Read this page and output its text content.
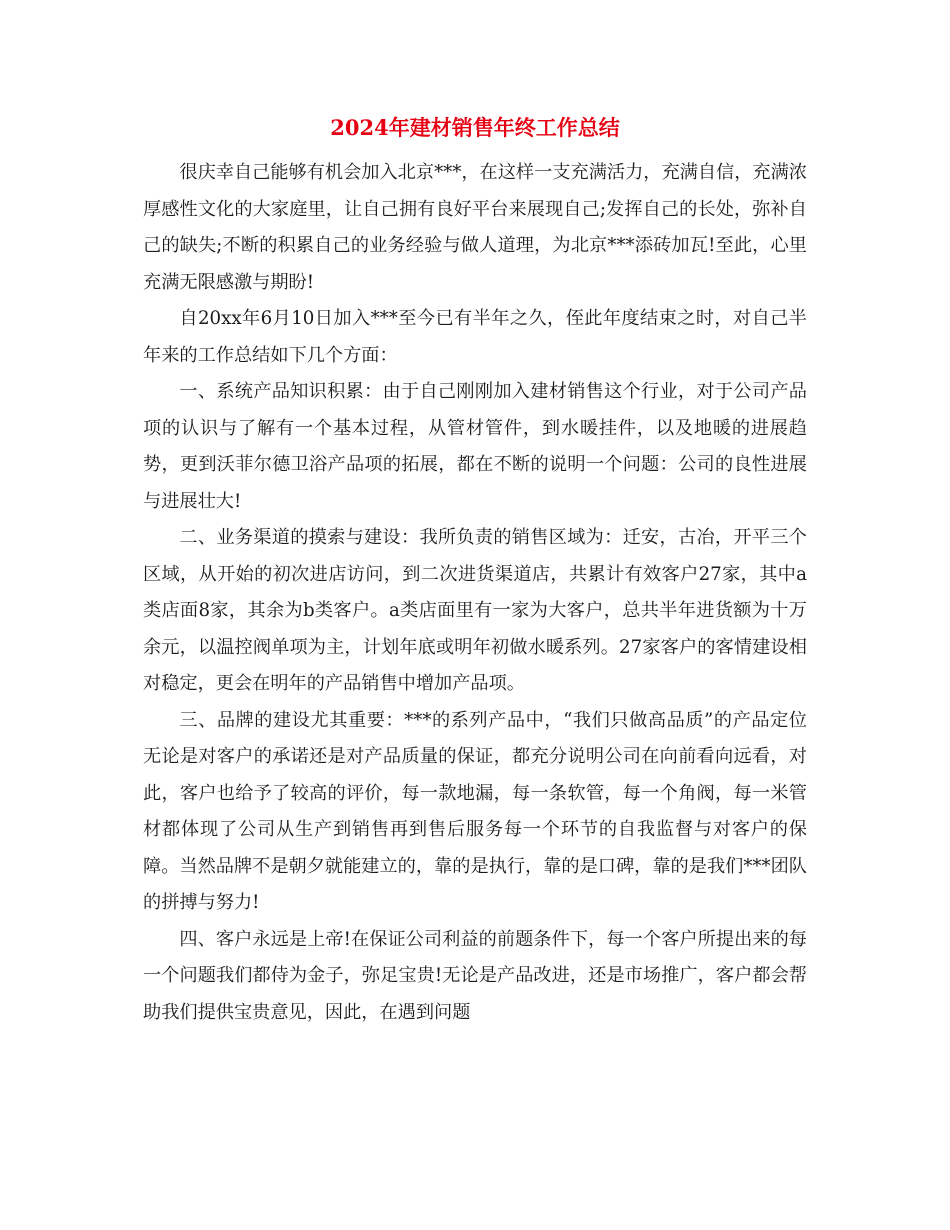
2024年建材销售年终工作总结

很庆幸自己能够有机会加入北京***，在这样一支充满活力，充满自信，充满浓厚感性文化的大家庭里，让自己拥有良好平台来展现自己;发挥自己的长处，弥补自己的缺失;不断的积累自己的业务经验与做人道理，为北京***添砖加瓦!至此，心里充满无限感激与期盼!

自20xx年6月10日加入***至今已有半年之久，侄此年度结束之时，对自己半年来的工作总结如下几个方面：

一、系统产品知识积累：由于自己刚刚加入建材销售这个行业，对于公司产品项的认识与了解有一个基本过程，从管材管件，到水暖挂件，以及地暖的进展趋势，更到沃菲尔德卫浴产品项的拓展，都在不断的说明一个问题：公司的良性进展与进展壮大!

二、业务渠道的摸索与建设：我所负责的销售区域为：迁安，古冶，开平三个区域，从开始的初次进店访问，到二次进货渠道店，共累计有效客户27家，其中a类店面8家，其余为b类客户。a类店面里有一家为大客户，总共半年进货额为十万余元，以温控阀单项为主，计划年底或明年初做水暖系列。27家客户的客情建设相对稳定，更会在明年的产品销售中增加产品项。

三、品牌的建设尤其重要：***的系列产品中，“我们只做高品质”的产品定位无论是对客户的承诺还是对产品质量的保证，都充分说明公司在向前看向远看，对此，客户也给予了较高的评价，每一款地漏，每一条软管，每一个角阀，每一米管材都体现了公司从生产到销售再到售后服务每一个环节的自我监督与对客户的保障。当然品牌不是朝夕就能建立的，靠的是执行，靠的是口碑，靠的是我们***团队的拼搏与努力!

四、客户永远是上帝!在保证公司利益的前题条件下，每一个客户所提出来的每一个问题我们都侍为金子，弥足宝贵!无论是产品改进，还是市场推广，客户都会帮助我们提供宝贵意见，因此，在遇到问题
